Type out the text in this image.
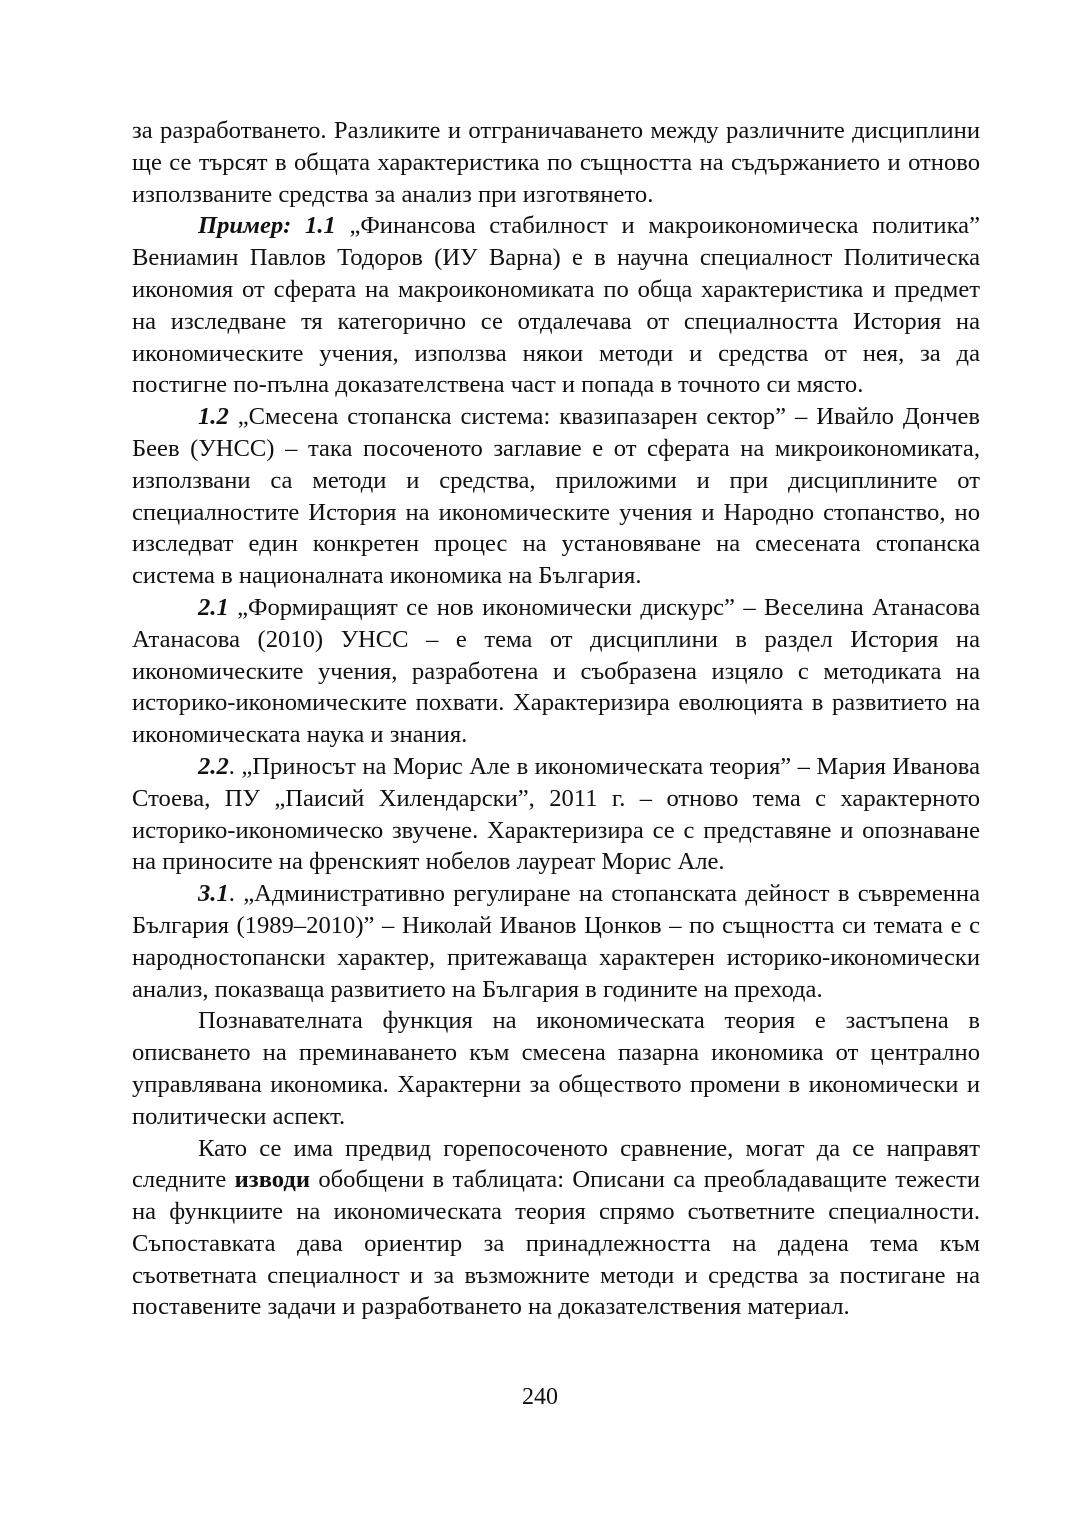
за разработването. Разликите и отграничаването между различните дисциплини ще се търсят в общата характеристика по същността на съдържанието и отново използваните средства за анализ при изготвянето.

Пример: 1.1 „Финансова стабилност и макроикономическа политика” Вениамин Павлов Тодоров (ИУ Варна) е в научна специалност Политическа икономия от сферата на макроикономиката по обща характеристика и предмет на изследване тя категорично се отдалечава от специалността История на икономическите учения, използва някои методи и средства от нея, за да постигне по-пълна доказателствена част и попада в точното си място.

1.2 „Смесена стопанска система: квазипазарен сектор” – Ивайло Дончев Беев (УНСС) – така посоченото заглавие е от сферата на микроикономиката, използвани са методи и средства, приложими и при дисциплините от специалностите История на икономическите учения и Народно стопанство, но изследват един конкретен процес на установяване на смесената стопанска система в националната икономика на България.

2.1 „Формиращият се нов икономически дискурс” – Веселина Атанасова Атанасова (2010) УНСС – е тема от дисциплини в раздел История на икономическите учения, разработена и съобразена изцяло с методиката на историко-икономическите похвати. Характеризира еволюцията в развитието на икономическата наука и знания.

2.2. „Приносът на Морис Але в икономическата теория” – Мария Иванова Стоева, ПУ „Паисий Хилендарски”, 2011 г. – отново тема с характерното историко-икономическо звучене. Характеризира се с представяне и опознаване на приносите на френският нобелов лауреат Морис Але.

3.1. „Административно регулиране на стопанската дейност в съвременна България (1989–2010)” – Николай Иванов Цонков – по същността си темата е с народностопански характер, притежаваща характерен историко-икономически анализ, показваща развитието на България в годините на прехода.

Познавателната функция на икономическата теория е застъпена в описването на преминаването към смесена пазарна икономика от централно управлявана икономика. Характерни за обществото промени в икономически и политически аспект.

Като се има предвид горепосоченото сравнение, могат да се направят следните изводи обобщени в таблицата: Описани са преобладаващите тежести на функциите на икономическата теория спрямо съответните специалности. Съпоставката дава ориентир за принадлежността на дадена тема към съответната специалност и за възможните методи и средства за постигане на поставените задачи и разработването на доказателствения материал.

240
